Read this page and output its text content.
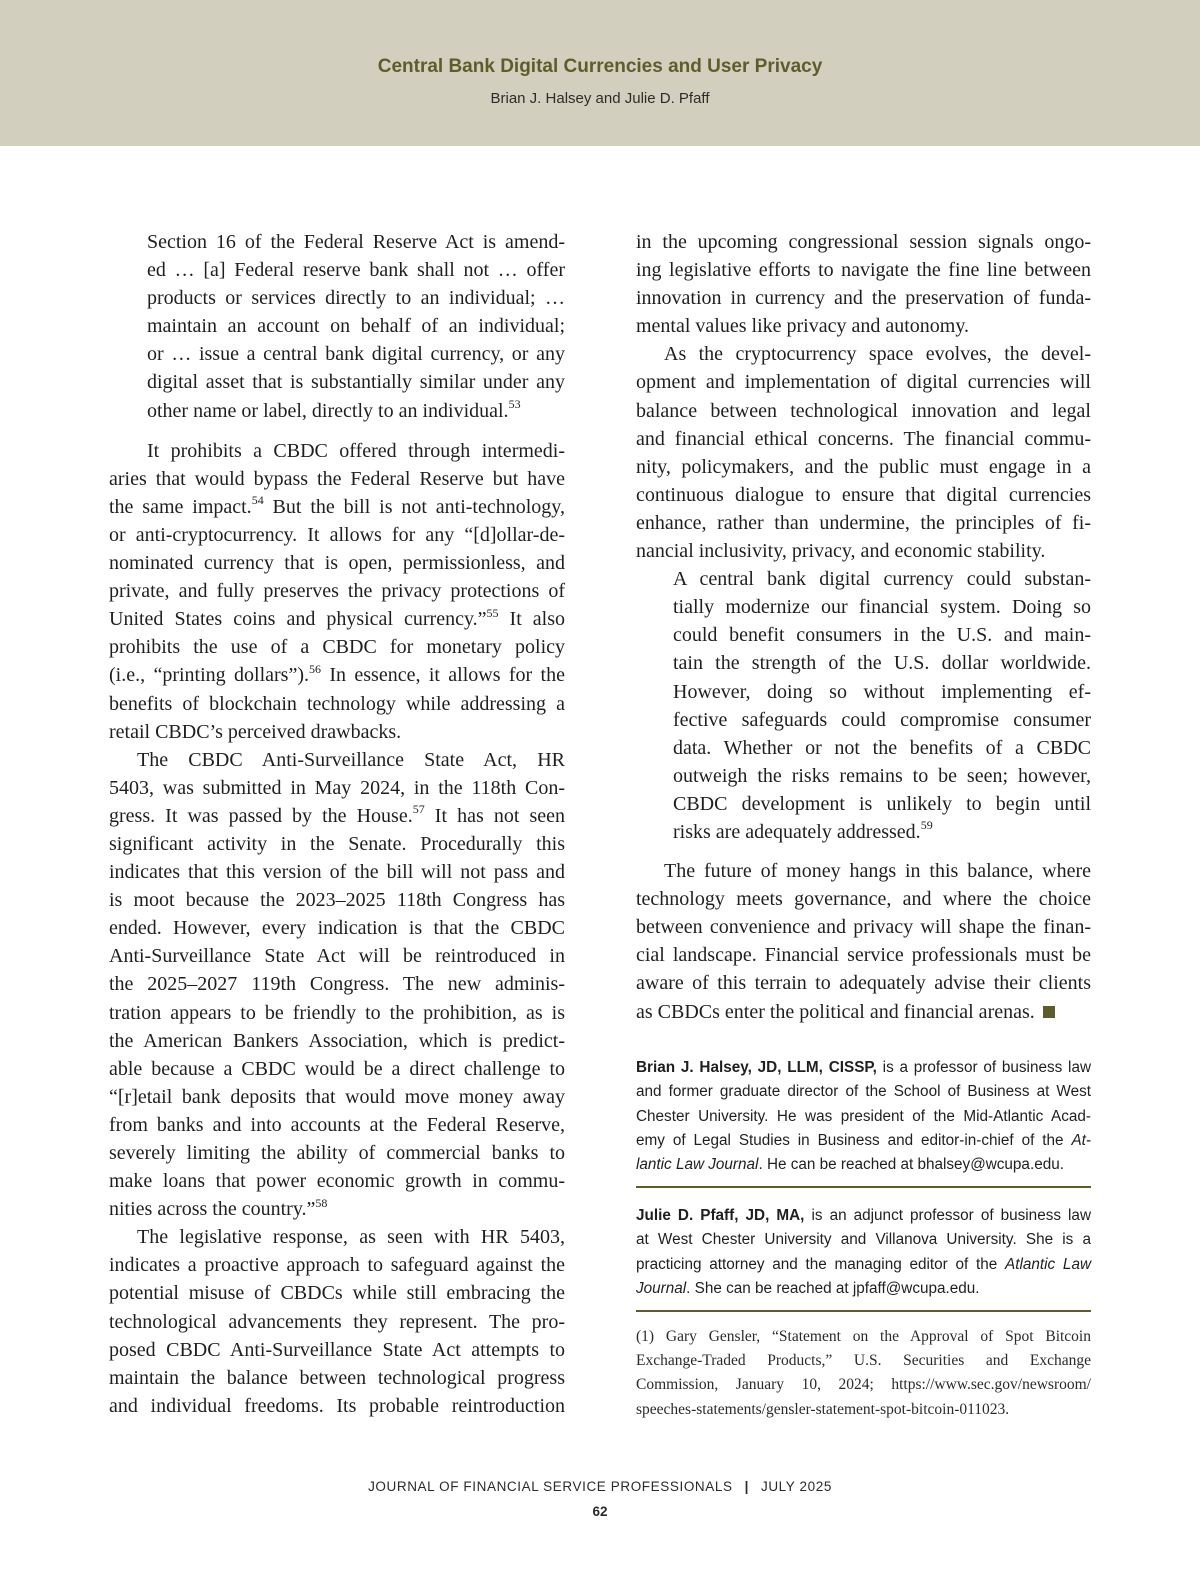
Central Bank Digital Currencies and User Privacy
Brian J. Halsey and Julie D. Pfaff
Section 16 of the Federal Reserve Act is amend-
ed … [a] Federal reserve bank shall not … offer
products or services directly to an individual; …
maintain an account on behalf of an individual;
or … issue a central bank digital currency, or any
digital asset that is substantially similar under any
other name or label, directly to an individual.$^{53}$
It prohibits a CBDC offered through intermedi-
aries that would bypass the Federal Reserve but have
the same impact.$^{54}$ But the bill is not anti-technology,
or anti-cryptocurrency. It allows for any “[d]ollar-de-
nominated currency that is open, permissionless, and
private, and fully preserves the privacy protections of
United States coins and physical currency.”$^{55}$ It also
prohibits the use of a CBDC for monetary policy
(i.e., “printing dollars”).$^{56}$ In essence, it allows for the
benefits of blockchain technology while addressing a
retail CBDC’s perceived drawbacks.
The CBDC Anti-Surveillance State Act, HR
5403, was submitted in May 2024, in the 118th Con-
gress. It was passed by the House.$^{57}$ It has not seen
significant activity in the Senate. Procedurally this
indicates that this version of the bill will not pass and
is moot because the 2023–2025 118th Congress has
ended. However, every indication is that the CBDC
Anti-Surveillance State Act will be reintroduced in
the 2025–2027 119th Congress. The new adminis-
tration appears to be friendly to the prohibition, as is
the American Bankers Association, which is predict-
able because a CBDC would be a direct challenge to
“[r]etail bank deposits that would move money away
from banks and into accounts at the Federal Reserve,
severely limiting the ability of commercial banks to
make loans that power economic growth in commu-
nities across the country.”$^{58}$
The legislative response, as seen with HR 5403,
indicates a proactive approach to safeguard against the
potential misuse of CBDCs while still embracing the
technological advancements they represent. The pro-
posed CBDC Anti-Surveillance State Act attempts to
maintain the balance between technological progress
and individual freedoms. Its probable reintroduction
in the upcoming congressional session signals ongo-
ing legislative efforts to navigate the fine line between
innovation in currency and the preservation of funda-
mental values like privacy and autonomy.
As the cryptocurrency space evolves, the devel-
opment and implementation of digital currencies will
balance between technological innovation and legal
and financial ethical concerns. The financial commu-
nity, policymakers, and the public must engage in a
continuous dialogue to ensure that digital currencies
enhance, rather than undermine, the principles of fi-
nancial inclusivity, privacy, and economic stability.
A central bank digital currency could substan-
tially modernize our financial system. Doing so
could benefit consumers in the U.S. and main-
tain the strength of the U.S. dollar worldwide.
However, doing so without implementing ef-
fective safeguards could compromise consumer
data. Whether or not the benefits of a CBDC
outweigh the risks remains to be seen; however,
CBDC development is unlikely to begin until
risks are adequately addressed.$^{59}$
The future of money hangs in this balance, where
technology meets governance, and where the choice
between convenience and privacy will shape the finan-
cial landscape. Financial service professionals must be
aware of this terrain to adequately advise their clients
as CBDCs enter the political and financial arenas.
Brian J. Halsey, JD, LLM, CISSP, is a professor of business law
and former graduate director of the School of Business at West
Chester University. He was president of the Mid-Atlantic Acad-
emy of Legal Studies in Business and editor-in-chief of the At-
lantic Law Journal. He can be reached at bhalsey@wcupa.edu.
Julie D. Pfaff, JD, MA, is an adjunct professor of business law
at West Chester University and Villanova University. She is a
practicing attorney and the managing editor of the Atlantic Law
Journal. She can be reached at jpfaff@wcupa.edu.
(1) Gary Gensler, “Statement on the Approval of Spot Bitcoin
Exchange-Traded Products,” U.S. Securities and Exchange
Commission, January 10, 2024; https://www.sec.gov/newsroom/
speeches-statements/gensler-statement-spot-bitcoin-011023.
JOURNAL OF FINANCIAL SERVICE PROFESSIONALS | JULY 2025
62
